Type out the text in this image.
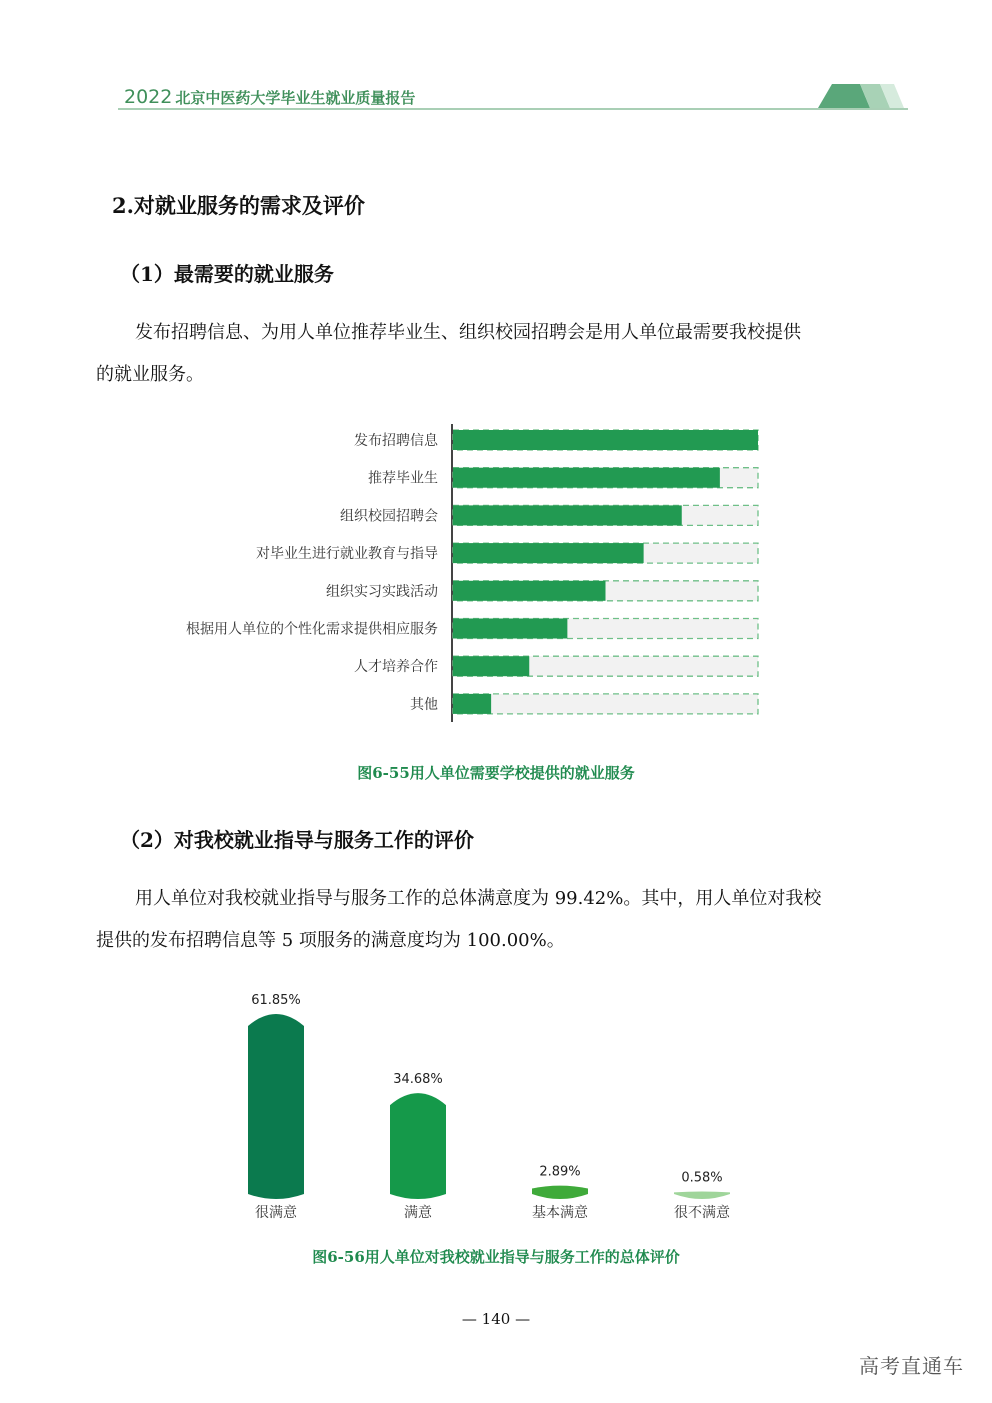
2022 北京中医药大学毕业生就业质量报告
2.对就业服务的需求及评价
（1）最需要的就业服务
发布招聘信息、为用人单位推荐毕业生、组织校园招聘会是用人单位最需要我校提供
的就业服务。
发布招聘信息
推荐毕业生
组织校园招聘会
对毕业生进行就业教育与指导
组织实习实践活动
根据用人单位的个性化需求提供相应服务
人才培养合作
其他
图6-55用人单位需要学校提供的就业服务
（2）对我校就业指导与服务工作的评价
用人单位对我校就业指导与服务工作的总体满意度为 99.42%。其中，用人单位对我校
提供的发布招聘信息等 5 项服务的满意度均为 100.00%。
61.85%
很满意
34.68%
满意
2.89%
基本满意
0.58%
很不满意
图6-56用人单位对我校就业指导与服务工作的总体评价
— 140 —
高考直通车
